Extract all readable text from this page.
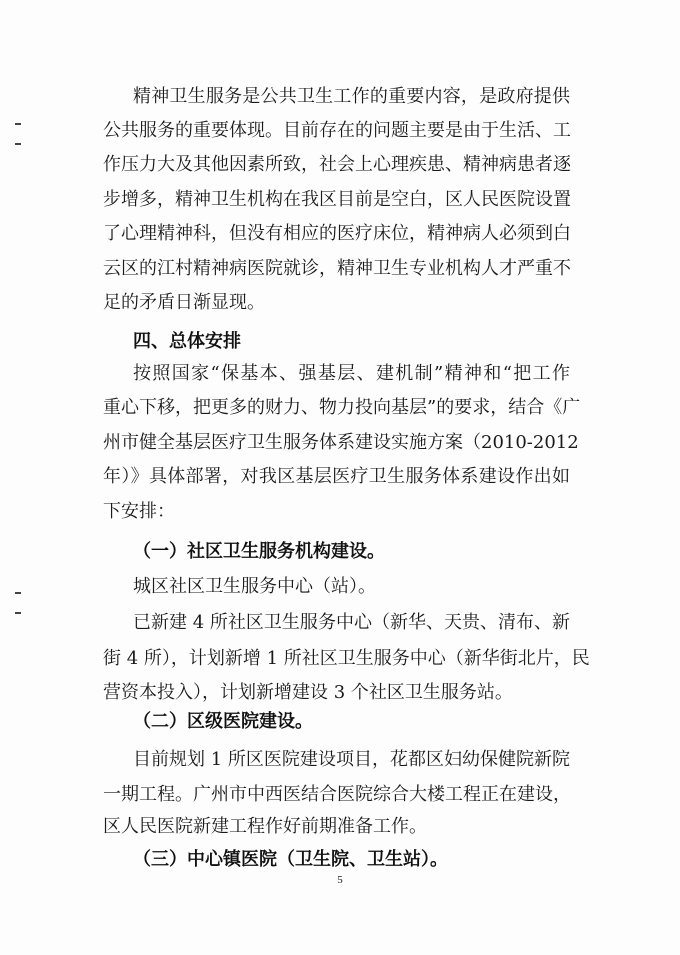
精神卫生服务是公共卫生工作的重要内容，是政府提供
公共服务的重要体现。目前存在的问题主要是由于生活、工
作压力大及其他因素所致，社会上心理疾患、精神病患者逐
步增多，精神卫生机构在我区目前是空白，区人民医院设置
了心理精神科，但没有相应的医疗床位，精神病人必须到白
云区的江村精神病医院就诊，精神卫生专业机构人才严重不
足的矛盾日渐显现。
四、总体安排
按照国家“保基本、强基层、建机制”精神和“把工作
重心下移，把更多的财力、物力投向基层”的要求，结合《广
州市健全基层医疗卫生服务体系建设实施方案（2010-2012
年）》具体部署，对我区基层医疗卫生服务体系建设作出如
下安排：
（一）社区卫生服务机构建设。
城区社区卫生服务中心（站）。
已新建 4 所社区卫生服务中心（新华、天贵、清布、新
街 4 所），计划新增 1 所社区卫生服务中心（新华街北片，民
营资本投入），计划新增建设 3 个社区卫生服务站。
（二）区级医院建设。
目前规划 1 所区医院建设项目，花都区妇幼保健院新院
一期工程。广州市中西医结合医院综合大楼工程正在建设，
区人民医院新建工程作好前期准备工作。
（三）中心镇医院（卫生院、卫生站）。
5
